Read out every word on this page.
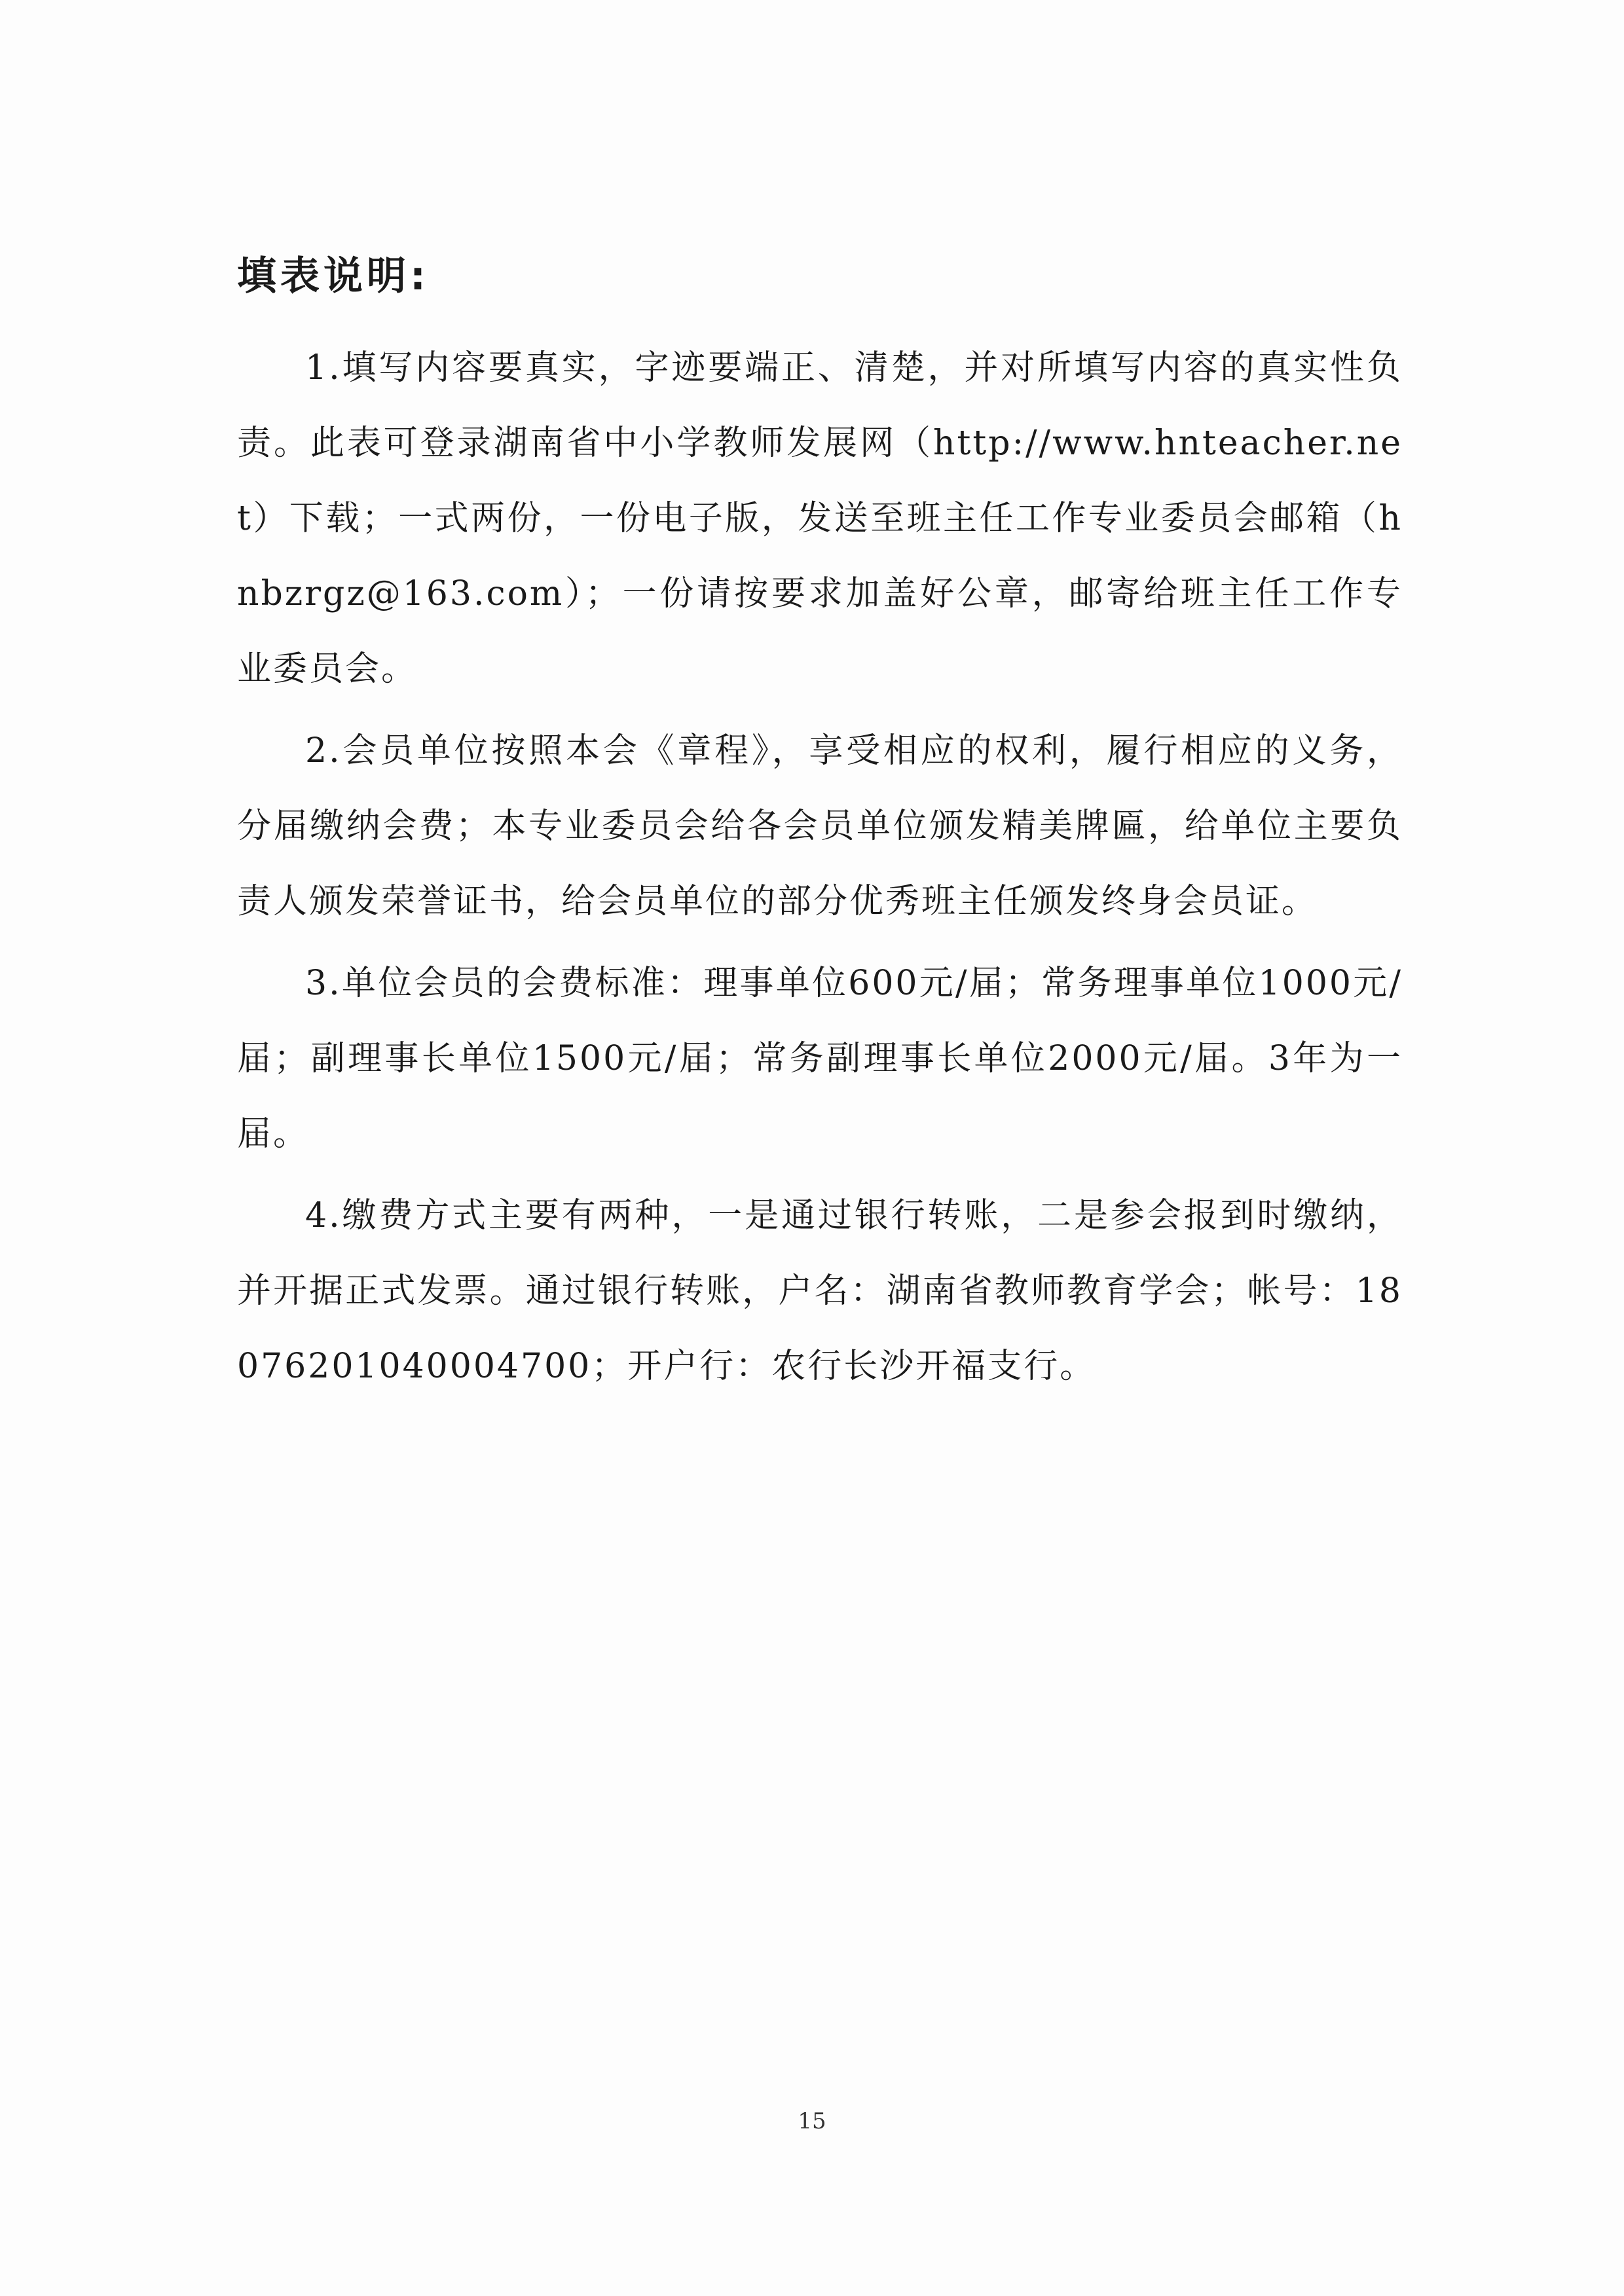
填表说明:

1.填写内容要真实，字迹要端正、清楚，并对所填写内容的真实性负责。此表可登录湖南省中小学教师发展网（http://www.hnteacher.net）下载；一式两份，一份电子版，发送至班主任工作专业委员会邮箱（hnbzrgz@163.com）；一份请按要求加盖好公章，邮寄给班主任工作专业委员会。

2.会员单位按照本会《章程》，享受相应的权利，履行相应的义务，分届缴纳会费；本专业委员会给各会员单位颁发精美牌匾，给单位主要负责人颁发荣誉证书，给会员单位的部分优秀班主任颁发终身会员证。

3.单位会员的会费标准：理事单位600元/届；常务理事单位1000元/届；副理事长单位1500元/届；常务副理事长单位2000元/届。3年为一届。

4.缴费方式主要有两种，一是通过银行转账，二是参会报到时缴纳，并开据正式发票。通过银行转账，户名：湖南省教师教育学会；帐号：18076201040004700；开户行：农行长沙开福支行。

15
